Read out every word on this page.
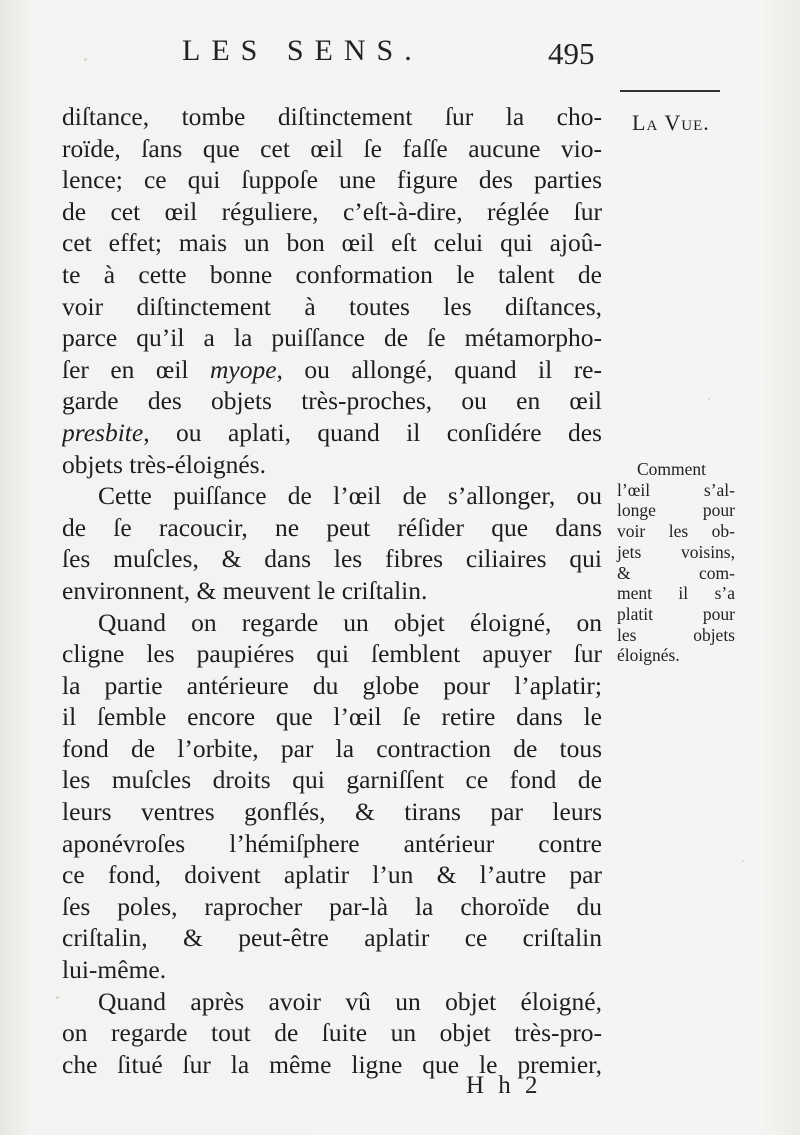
LES SENS.	495
La Vue.
diſtance, tombe diſtinctement ſur la cho-
roïde, ſans que cet œil ſe faſſe aucune vio-
lence; ce qui ſuppoſe une figure des parties
de cet œil réguliere, c’eſt-à-dire, réglée ſur
cet effet; mais un bon œil eſt celui qui ajoû-
te à cette bonne conformation le talent de
voir diſtinctement à toutes les diſtances,
parce qu’il a la puiſſance de ſe métamorpho-
ſer en œil myope, ou allongé, quand il re-
garde des objets très-proches, ou en œil
presbite, ou aplati, quand il conſidére des
objets très-éloignés.
Cette puiſſance de l’œil de s’allonger, ou
de ſe racoucir, ne peut réſider que dans
ſes muſcles, & dans les fibres ciliaires qui
environnent, & meuvent le criſtalin.
Quand on regarde un objet éloigné, on
cligne les paupiéres qui ſemblent apuyer ſur
la partie antérieure du globe pour l’aplatir;
il ſemble encore que l’œil ſe retire dans le
fond de l’orbite, par la contraction de tous
les muſcles droits qui garniſſent ce fond de
leurs ventres gonflés, & tirans par leurs
aponévroſes l’hémiſphere antérieur contre
ce fond, doivent aplatir l’un & l’autre par
ſes poles, raprocher par-là la choroïde du
criſtalin, & peut-être aplatir ce criſtalin
lui-même.
Quand après avoir vû un objet éloigné,
on regarde tout de ſuite un objet très-pro-
che ſitué ſur la même ligne que le premier,
Comment
l’œil s’al-
longe pour
voir les ob-
jets voisins,
& com-
ment il s’a
platit pour
les objets
éloignés.
H h 2
